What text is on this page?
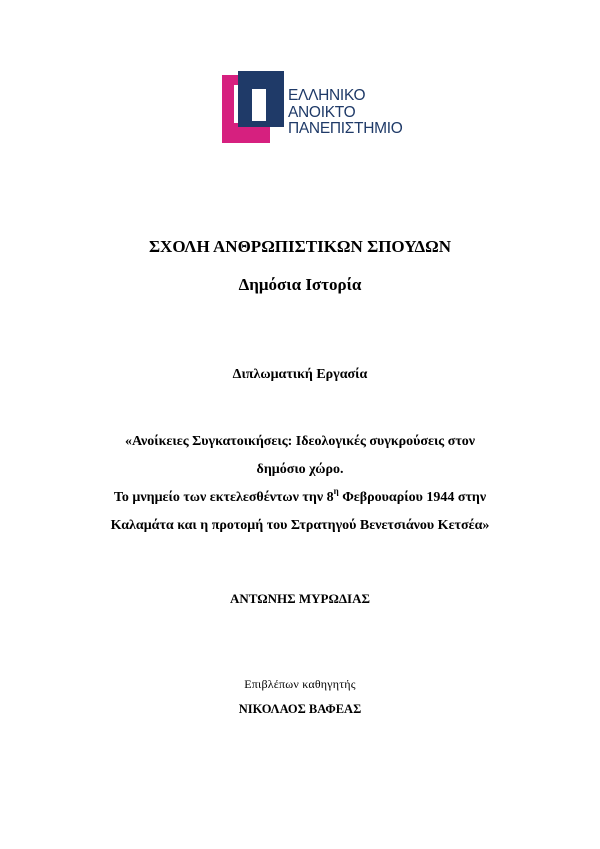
ΕΛΛΗΝΙΚΟ
ΑΝΟΙΚΤΟ
ΠΑΝΕΠΙΣΤΗΜΙΟ
ΣΧΟΛΗ ΑΝΘΡΩΠΙΣΤΙΚΩΝ ΣΠΟΥΔΩΝ
Δημόσια Ιστορία
Διπλωματική Εργασία
«Ανοίκειες Συγκατοικήσεις: Ιδεολογικές συγκρούσεις στον
δημόσιο χώρο.
Το μνημείο των εκτελεσθέντων την $8^\eta$ Φεβρουαρίου 1944 στην
Καλαμάτα και η προτομή του Στρατηγού Βενετσιάνου Κετσέα»
ΑΝΤΩΝΗΣ ΜΥΡΩΔΙΑΣ
Επιβλέπων καθηγητής
ΝΙΚΟΛΑΟΣ ΒΑΦΕΑΣ
